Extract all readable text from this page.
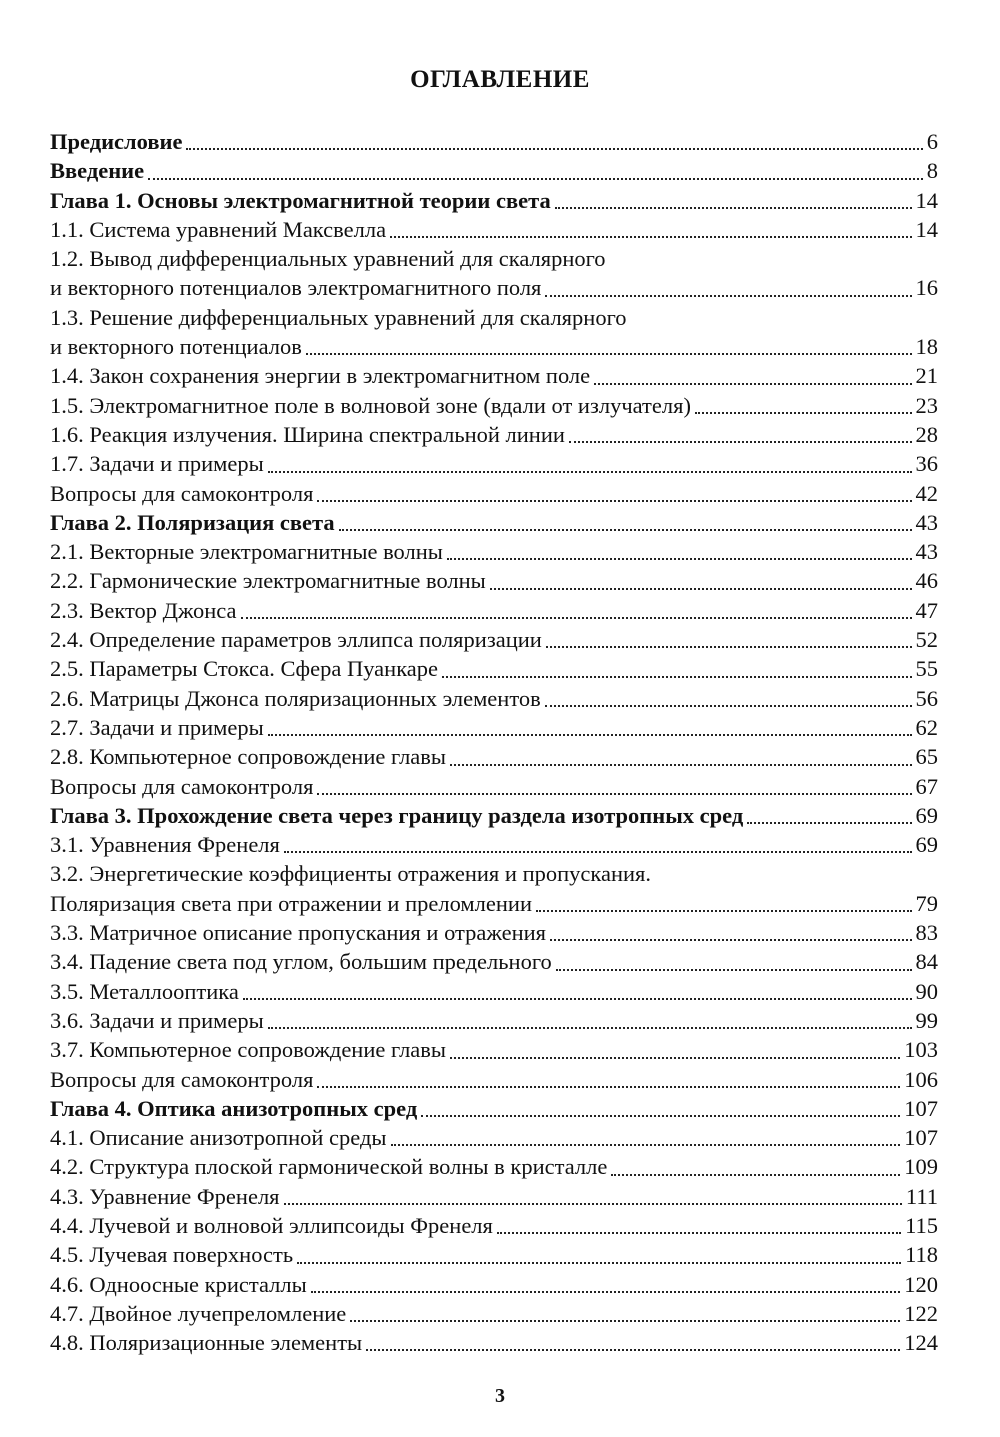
ОГЛАВЛЕНИЕ
Предисловие	6
Введение	8
Глава 1. Основы электромагнитной теории света	14
1.1. Система уравнений Максвелла	14
1.2. Вывод дифференциальных уравнений для скалярного
и векторного потенциалов электромагнитного поля	16
1.3. Решение дифференциальных уравнений для скалярного
и векторного потенциалов	18
1.4. Закон сохранения энергии в электромагнитном поле	21
1.5. Электромагнитное поле в волновой зоне (вдали от излучателя)	23
1.6. Реакция излучения. Ширина спектральной линии	28
1.7. Задачи и примеры	36
Вопросы для самоконтроля	42
Глава 2. Поляризация света	43
2.1. Векторные электромагнитные волны	43
2.2. Гармонические электромагнитные волны	46
2.3. Вектор Джонса	47
2.4. Определение параметров эллипса поляризации	52
2.5. Параметры Стокса. Сфера Пуанкаре	55
2.6. Матрицы Джонса поляризационных элементов	56
2.7. Задачи и примеры	62
2.8. Компьютерное сопровождение главы	65
Вопросы для самоконтроля	67
Глава 3. Прохождение света через границу раздела изотропных сред	69
3.1. Уравнения Френеля	69
3.2. Энергетические коэффициенты отражения и пропускания.
Поляризация света при отражении и преломлении	79
3.3. Матричное описание пропускания и отражения	83
3.4. Падение света под углом, большим предельного	84
3.5. Металлооптика	90
3.6. Задачи и примеры	99
3.7. Компьютерное сопровождение главы	103
Вопросы для самоконтроля	106
Глава 4. Оптика анизотропных сред	107
4.1. Описание анизотропной среды	107
4.2. Структура плоской гармонической волны в кристалле	109
4.3. Уравнение Френеля	111
4.4. Лучевой и волновой эллипсоиды Френеля	115
4.5. Лучевая поверхность	118
4.6. Одноосные кристаллы	120
4.7. Двойное лучепреломление	122
4.8. Поляризационные элементы	124
3
